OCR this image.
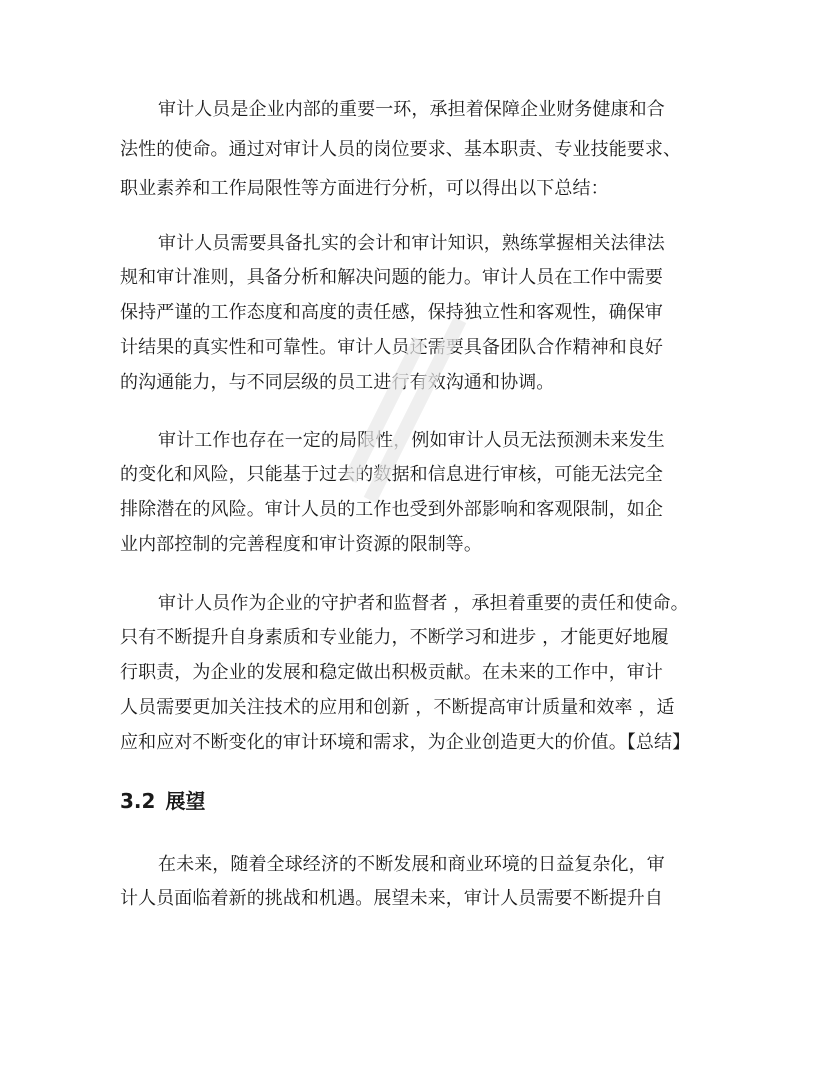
审计人员是企业内部的重要一环，承担着保障企业财务健康和合
法性的使命。通过对审计人员的岗位要求、基本职责、专业技能要求、
职业素养和工作局限性等方面进行分析，可以得出以下总结：
审计人员需要具备扎实的会计和审计知识，熟练掌握相关法律法
规和审计准则，具备分析和解决问题的能力。审计人员在工作中需要
保持严谨的工作态度和高度的责任感，保持独立性和客观性，确保审
计结果的真实性和可靠性。审计人员还需要具备团队合作精神和良好
的沟通能力，与不同层级的员工进行有效沟通和协调。
审计工作也存在一定的局限性，例如审计人员无法预测未来发生
的变化和风险，只能基于过去的数据和信息进行审核，可能无法完全
排除潜在的风险。审计人员的工作也受到外部影响和客观限制，如企
业内部控制的完善程度和审计资源的限制等。
审计人员作为企业的守护者和监督者 ，承担着重要的责任和使命。
只有不断提升自身素质和专业能力，不断学习和进步 ，才能更好地履
行职责，为企业的发展和稳定做出积极贡献。在未来的工作中，审计
人员需要更加关注技术的应用和创新 ，不断提高审计质量和效率 ，适
应和应对不断变化的审计环境和需求，为企业创造更大的价值。【总结】
3.2 展望
在未来，随着全球经济的不断发展和商业环境的日益复杂化，审
计人员面临着新的挑战和机遇。展望未来，审计人员需要不断提升自
